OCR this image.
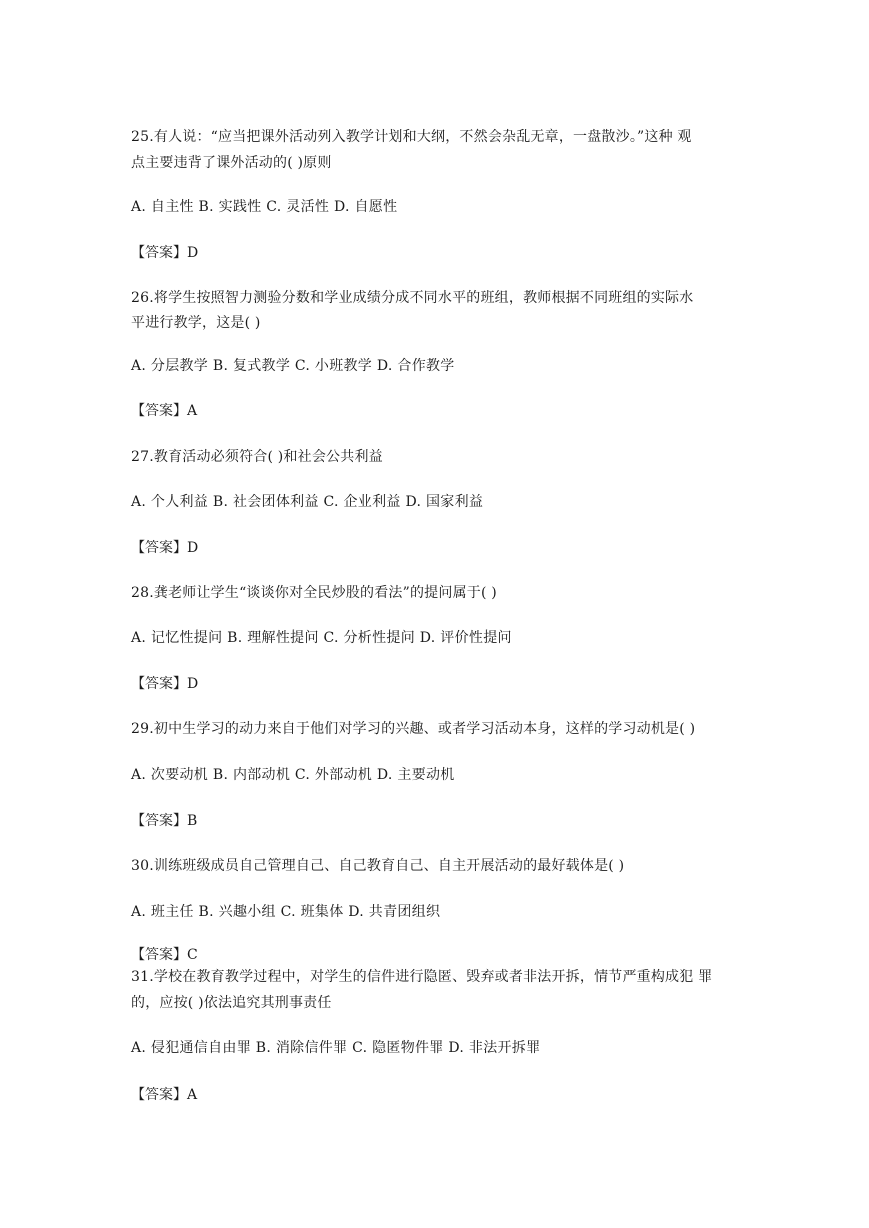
25.有人说：“应当把课外活动列入教学计划和大纲，不然会杂乱无章，一盘散沙。”这种 观
点主要违背了课外活动的( )原则
A. 自主性 B. 实践性 C. 灵活性 D. 自愿性
【答案】D
26.将学生按照智力测验分数和学业成绩分成不同水平的班组，教师根据不同班组的实际水
平进行教学，这是( )
A. 分层教学 B. 复式教学 C. 小班教学 D. 合作教学
【答案】A
27.教育活动必须符合( )和社会公共利益
A. 个人利益 B. 社会团体利益 C. 企业利益 D. 国家利益
【答案】D
28.龚老师让学生“谈谈你对全民炒股的看法”的提问属于( )
A. 记忆性提问 B. 理解性提问 C. 分析性提问 D. 评价性提问
【答案】D
29.初中生学习的动力来自于他们对学习的兴趣、或者学习活动本身，这样的学习动机是( )
A. 次要动机 B. 内部动机 C. 外部动机 D. 主要动机
【答案】B
30.训练班级成员自己管理自己、自己教育自己、自主开展活动的最好载体是( )
A. 班主任 B. 兴趣小组 C. 班集体 D. 共青团组织
【答案】C
31.学校在教育教学过程中，对学生的信件进行隐匿、毁弃或者非法开拆，情节严重构成犯 罪
的，应按( )依法追究其刑事责任
A. 侵犯通信自由罪 B. 消除信件罪 C. 隐匿物件罪 D. 非法开拆罪
【答案】A
